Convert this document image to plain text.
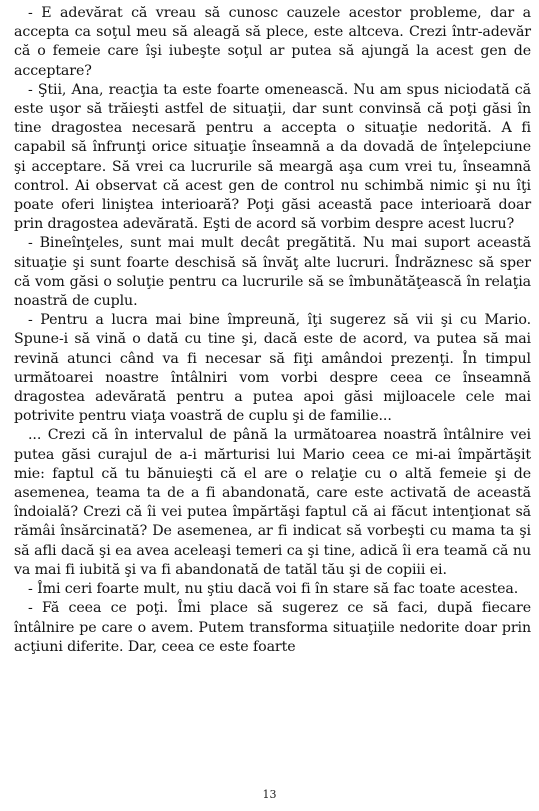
- E adevărat că vreau să cunosc cauzele acestor probleme, dar a accepta ca soţul meu să aleagă să plece, este altceva. Crezi într-adevăr că o femeie care îşi iubeşte soţul ar putea să ajungă la acest gen de acceptare?

- Ştii, Ana, reacţia ta este foarte omenească. Nu am spus niciodată că este uşor să trăieşti astfel de situaţii, dar sunt convinsă că poţi găsi în tine dragostea necesară pentru a accepta o situaţie nedorită. A fi capabil să înfrunţi orice situaţie înseamnă a da dovadă de înţelepciune şi acceptare. Să vrei ca lucrurile să meargă aşa cum vrei tu, înseamnă control. Ai observat că acest gen de control nu schimbă nimic şi nu îţi poate oferi liniştea interioară? Poţi găsi această pace interioară doar prin dragostea adevărată. Eşti de acord să vorbim despre acest lucru?

- Bineînţeles, sunt mai mult decât pregătită. Nu mai suport această situaţie şi sunt foarte deschisă să învăţ alte lucruri. Îndrăznesc să sper că vom găsi o soluţie pentru ca lucrurile să se îmbunătăţească în relaţia noastră de cuplu.

- Pentru a lucra mai bine împreună, îţi sugerez să vii şi cu Mario. Spune-i să vină o dată cu tine şi, dacă este de acord, va putea să mai revină atunci când va fi necesar să fiţi amândoi prezenţi. În timpul următoarei noastre întâlniri vom vorbi despre ceea ce înseamnă dragostea adevărată pentru a putea apoi găsi mijloacele cele mai potrivite pentru viaţa voastră de cuplu şi de familie...

... Crezi că în intervalul de până la următoarea noastră întâlnire vei putea găsi curajul de a-i mărturisi lui Mario ceea ce mi-ai împărtăşit mie: faptul că tu bănuieşti că el are o relaţie cu o altă femeie şi de asemenea, teama ta de a fi abandonată, care este activată de această îndoială? Crezi că îi vei putea împărtăşi faptul că ai făcut intenţionat să rămâi însărcinată? De asemenea, ar fi indicat să vorbeşti cu mama ta şi să afli dacă şi ea avea aceleaşi temeri ca şi tine, adică îi era teamă că nu va mai fi iubită şi va fi abandonată de tatăl tău şi de copiii ei.

- Îmi ceri foarte mult, nu ştiu dacă voi fi în stare să fac toate acestea.

- Fă ceea ce poţi. Îmi place să sugerez ce să faci, după fiecare întâlnire pe care o avem. Putem transforma situaţiile nedorite doar prin acţiuni diferite. Dar, ceea ce este foarte

13
